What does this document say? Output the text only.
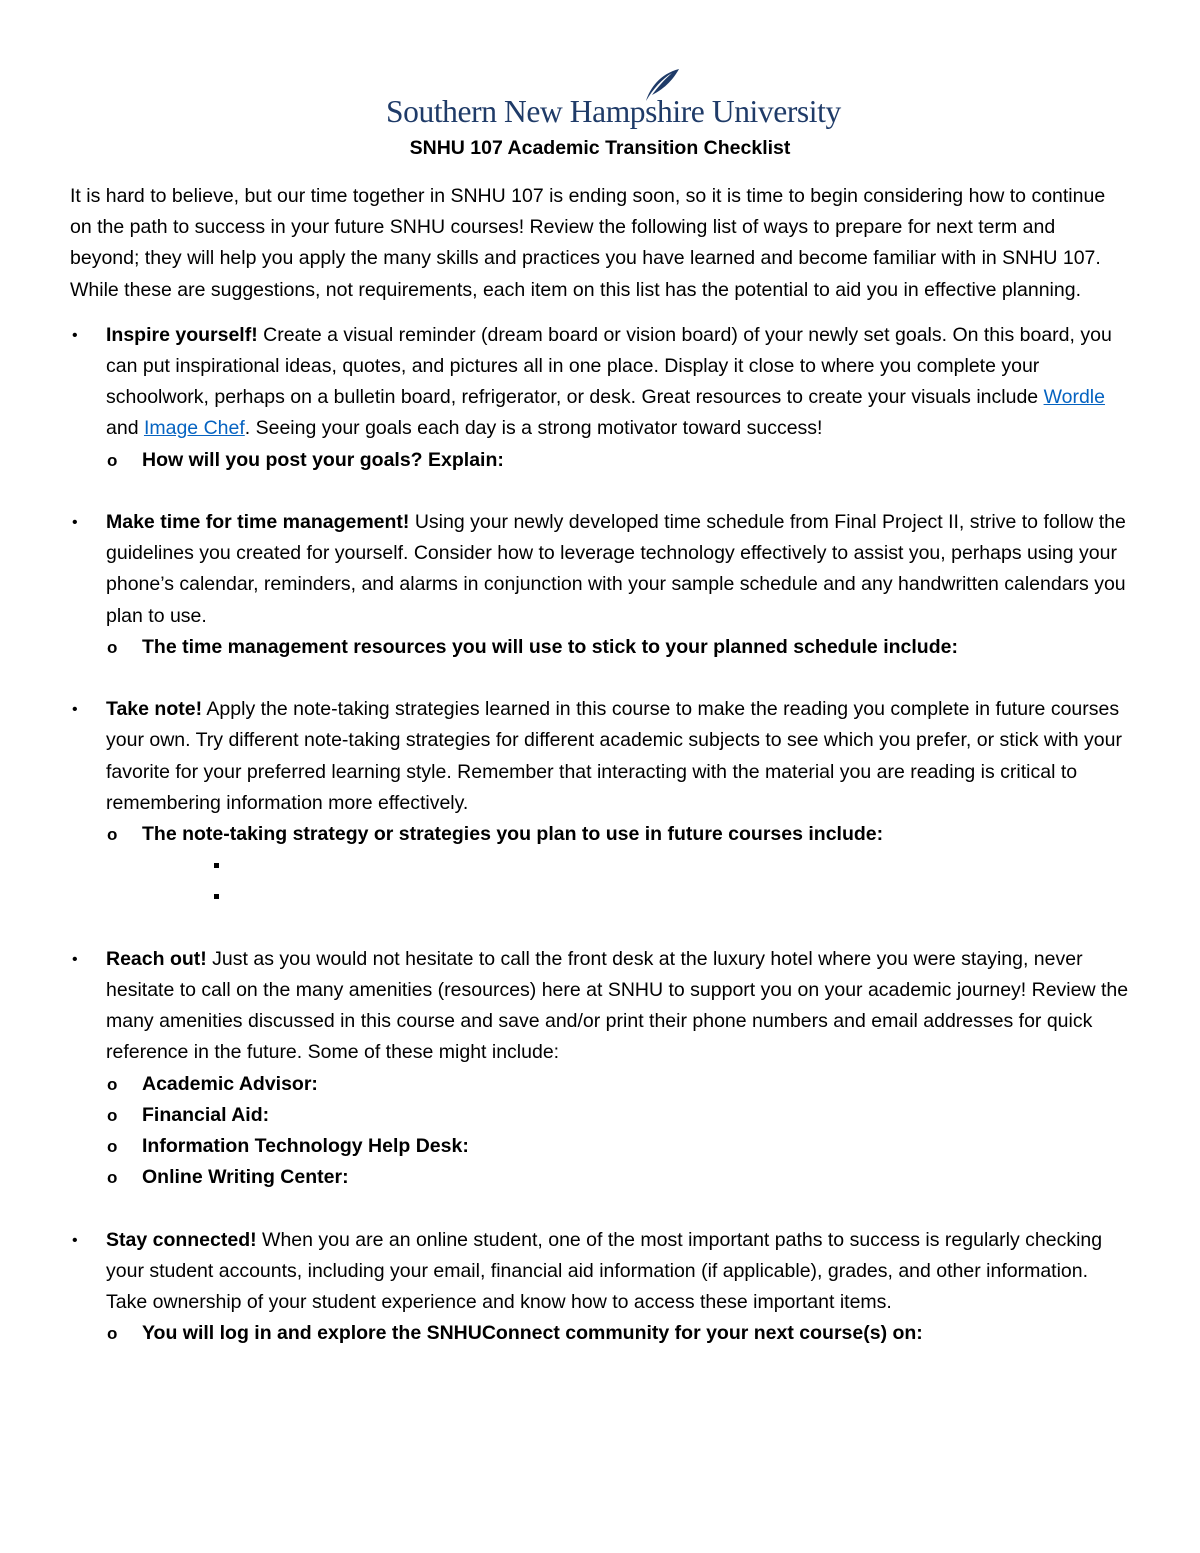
Southern New Hampshire University
SNHU 107 Academic Transition Checklist

It is hard to believe, but our time together in SNHU 107 is ending soon, so it is time to begin considering how to continue on the path to success in your future SNHU courses! Review the following list of ways to prepare for next term and beyond; they will help you apply the many skills and practices you have learned and become familiar with in SNHU 107. While these are suggestions, not requirements, each item on this list has the potential to aid you in effective planning.

• Inspire yourself! Create a visual reminder (dream board or vision board) of your newly set goals. On this board, you can put inspirational ideas, quotes, and pictures all in one place. Display it close to where you complete your schoolwork, perhaps on a bulletin board, refrigerator, or desk. Great resources to create your visuals include Wordle and Image Chef. Seeing your goals each day is a strong motivator toward success!
o How will you post your goals? Explain:
• Make time for time management! Using your newly developed time schedule from Final Project II, strive to follow the guidelines you created for yourself. Consider how to leverage technology effectively to assist you, perhaps using your phone’s calendar, reminders, and alarms in conjunction with your sample schedule and any handwritten calendars you plan to use.
o The time management resources you will use to stick to your planned schedule include:
• Take note! Apply the note-taking strategies learned in this course to make the reading you complete in future courses your own. Try different note-taking strategies for different academic subjects to see which you prefer, or stick with your favorite for your preferred learning style. Remember that interacting with the material you are reading is critical to remembering information more effectively.
o The note-taking strategy or strategies you plan to use in future courses include:
• Reach out! Just as you would not hesitate to call the front desk at the luxury hotel where you were staying, never hesitate to call on the many amenities (resources) here at SNHU to support you on your academic journey! Review the many amenities discussed in this course and save and/or print their phone numbers and email addresses for quick reference in the future. Some of these might include:
o Academic Advisor:
o Financial Aid:
o Information Technology Help Desk:
o Online Writing Center:
• Stay connected! When you are an online student, one of the most important paths to success is regularly checking your student accounts, including your email, financial aid information (if applicable), grades, and other information. Take ownership of your student experience and know how to access these important items.
o You will log in and explore the SNHUConnect community for your next course(s) on:
